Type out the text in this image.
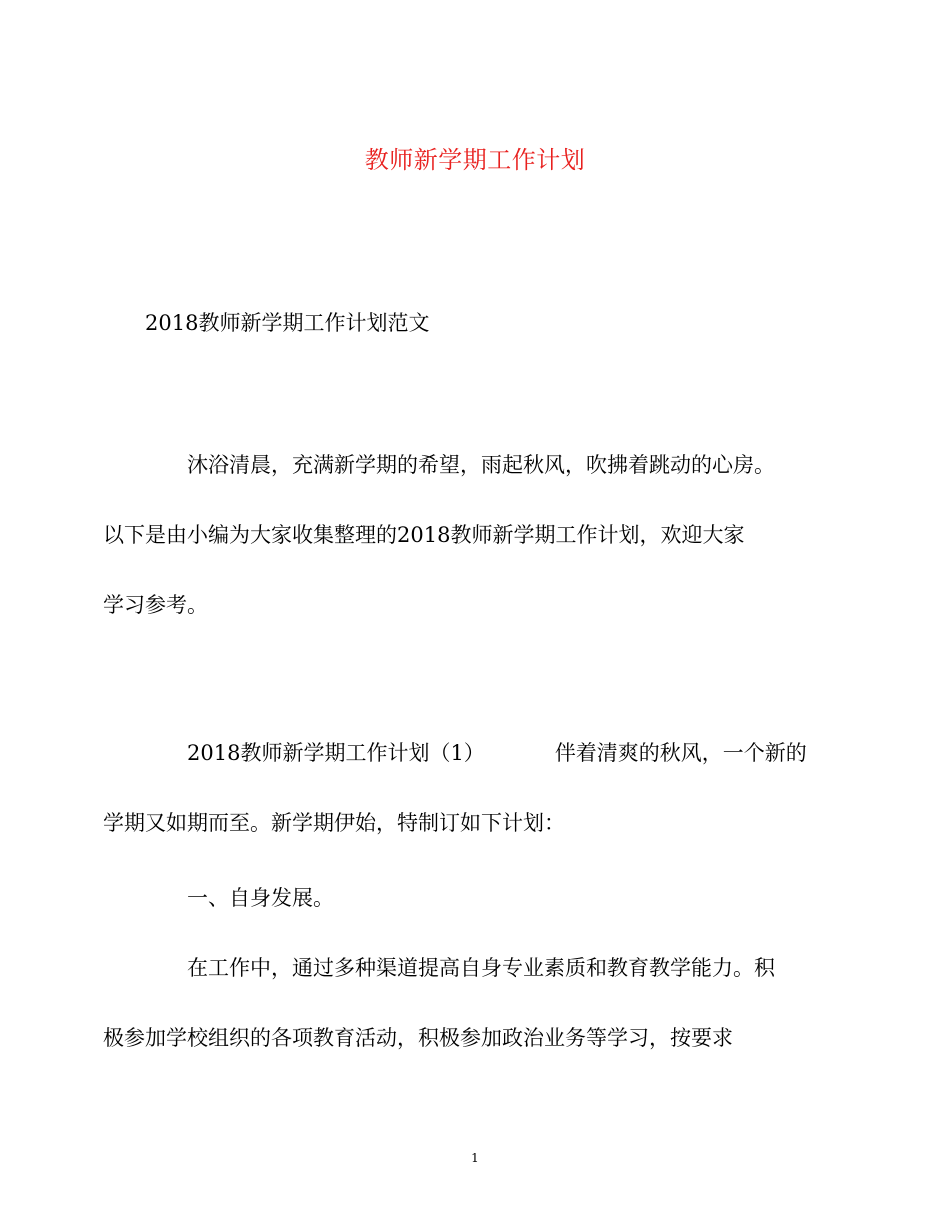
教师新学期工作计划
2018教师新学期工作计划范文

沐浴清晨，充满新学期的希望，雨起秋风，吹拂着跳动的心房。
以下是由小编为大家收集整理的2018教师新学期工作计划，欢迎大家
学习参考。

2018教师新学期工作计划（1）	伴着清爽的秋风，一个新的
学期又如期而至。新学期伊始，特制订如下计划：

一、自身发展。

在工作中，通过多种渠道提高自身专业素质和教育教学能力。积
极参加学校组织的各项教育活动，积极参加政治业务等学习，按要求

1
